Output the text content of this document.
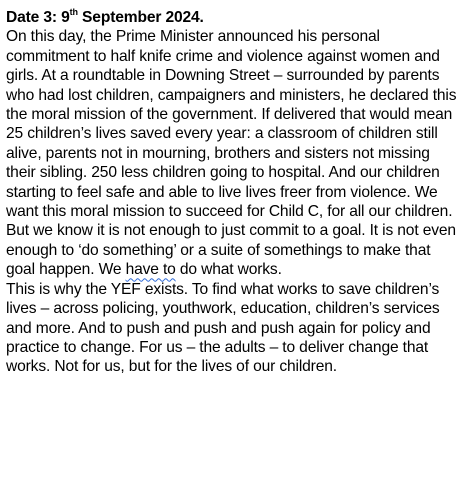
Date 3: 9th September 2024.

On this day, the Prime Minister announced his personal commitment to half knife crime and violence against women and girls. At a roundtable in Downing Street – surrounded by parents who had lost children, campaigners and ministers, he declared this the moral mission of the government. If delivered that would mean 25 children’s lives saved every year: a classroom of children still alive, parents not in mourning, brothers and sisters not missing their sibling. 250 less children going to hospital. And our children starting to feel safe and able to live lives freer from violence. We want this moral mission to succeed for Child C, for all our children. But we know it is not enough to just commit to a goal. It is not even enough to ‘do something’ or a suite of somethings to make that goal happen. We have to do what works.

This is why the YEF exists. To find what works to save children’s lives – across policing, youthwork, education, children’s services and more. And to push and push and push again for policy and practice to change. For us – the adults – to deliver change that works. Not for us, but for the lives of our children.
